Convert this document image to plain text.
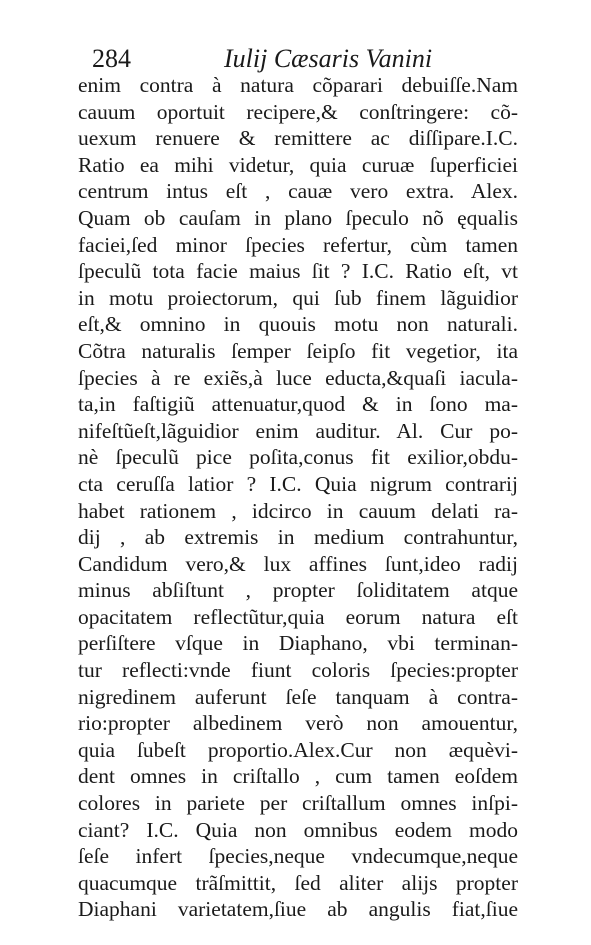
284	Iulij Cæsaris Vanini
enim contra à natura cõparari debuiſſe.Nam
cauum oportuit recipere,& conſtringere: cõ-
uexum renuere & remittere ac diſſipare.I.C.
Ratio ea mihi videtur, quia curuæ ſuperficiei
centrum intus eſt , cauæ vero extra. Alex.
Quam ob cauſam in plano ſpeculo nõ ęqualis
faciei,ſed minor ſpecies refertur, cùm tamen
ſpeculũ tota facie maius ſit ? I.C. Ratio eſt, vt
in motu proiectorum, qui ſub finem lãguidior
eſt,& omnino in quouis motu non naturali.
Cõtra naturalis ſemper ſeipſo fit vegetior, ita
ſpecies à re exiẽs,à luce educta,&quaſi iacula-
ta,in faſtigiũ attenuatur,quod & in ſono ma-
nifeſtũeſt,lãguidior enim auditur. Al. Cur po-
nè ſpeculũ pice poſita,conus fit exilior,obdu-
cta ceruſſa latior ? I.C. Quia nigrum contrarij
habet rationem , idcirco in cauum delati ra-
dij , ab extremis in medium contrahuntur,
Candidum vero,& lux affines ſunt,ideo radij
minus abſiſtunt , propter ſoliditatem atque
opacitatem reflectũtur,quia eorum natura eſt
perſiſtere vſque in Diaphano, vbi terminan-
tur reflecti:vnde fiunt coloris ſpecies:propter
nigredinem auferunt ſeſe tanquam à contra-
rio:propter albedinem verò non amouentur,
quia ſubeſt proportio.Alex.Cur non æquèvi-
dent omnes in criſtallo , cum tamen eoſdem
colores in pariete per criſtallum omnes inſpi-
ciant? I.C. Quia non omnibus eodem modo
ſeſe infert ſpecies,neque vndecumque,neque
quacumque trãſmittit, ſed aliter alijs propter
Diaphani varietatem,ſiue ab angulis fiat,ſiue
